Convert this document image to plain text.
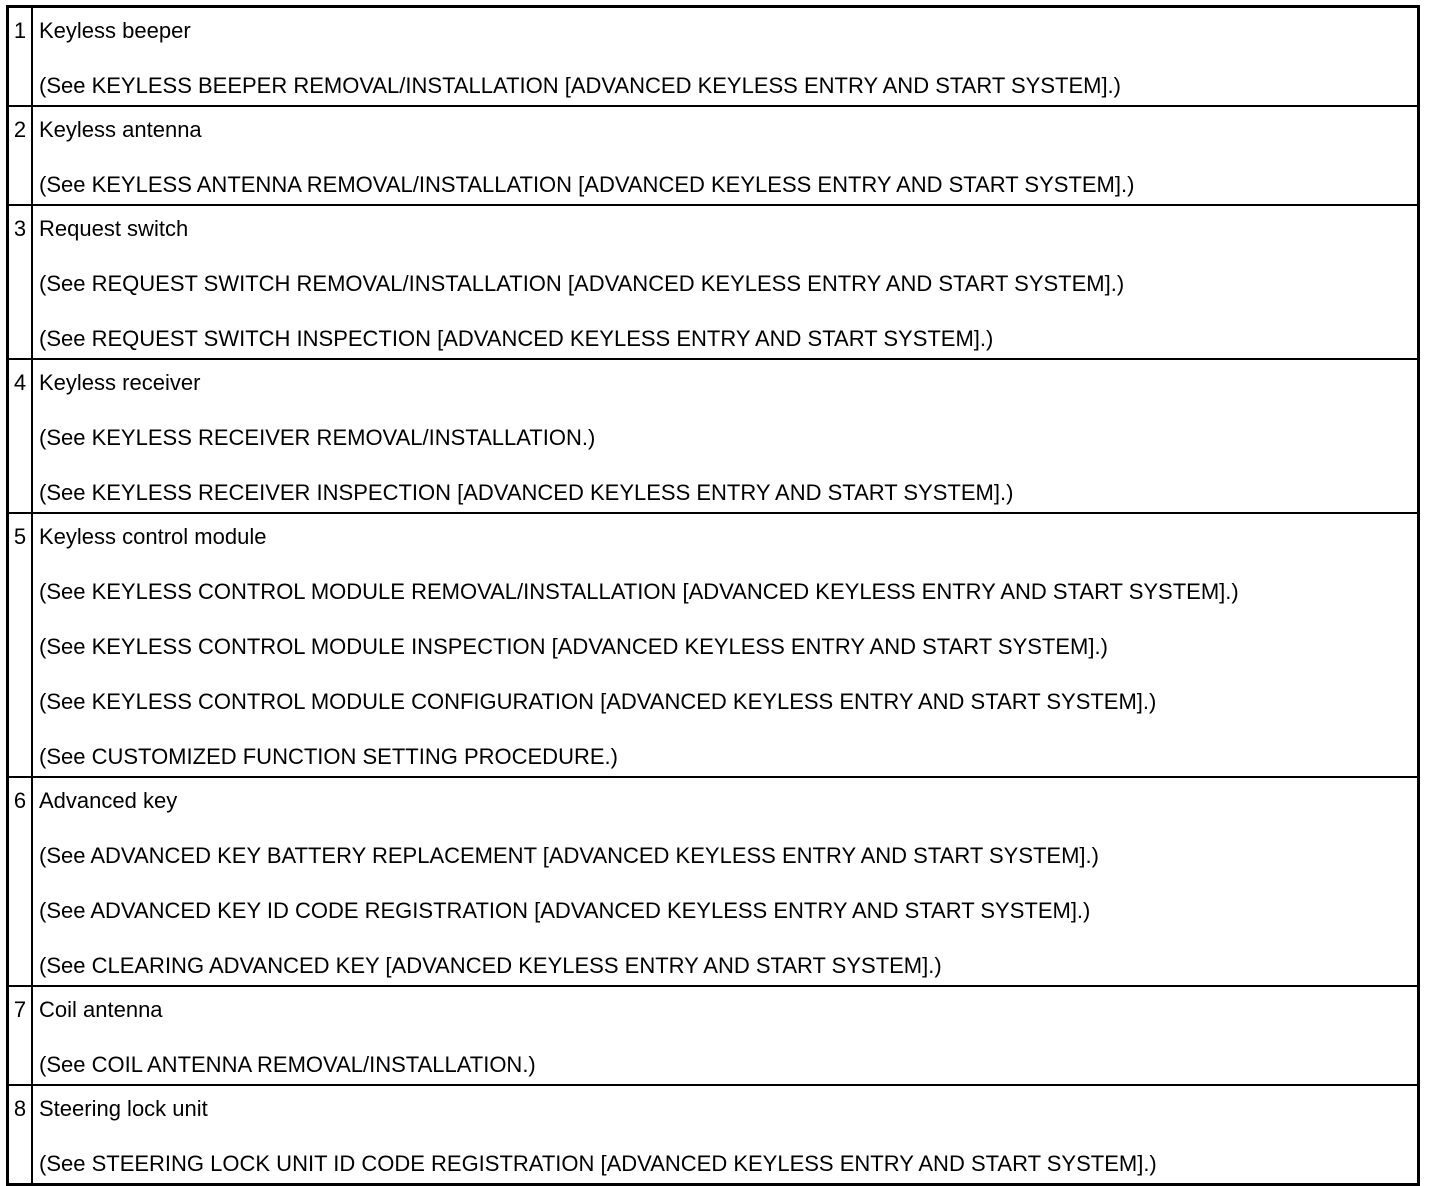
1	Keyless beeper
(See KEYLESS BEEPER REMOVAL/INSTALLATION [ADVANCED KEYLESS ENTRY AND START SYSTEM].)

2	Keyless antenna
(See KEYLESS ANTENNA REMOVAL/INSTALLATION [ADVANCED KEYLESS ENTRY AND START SYSTEM].)

3	Request switch
(See REQUEST SWITCH REMOVAL/INSTALLATION [ADVANCED KEYLESS ENTRY AND START SYSTEM].)
(See REQUEST SWITCH INSPECTION [ADVANCED KEYLESS ENTRY AND START SYSTEM].)

4	Keyless receiver
(See KEYLESS RECEIVER REMOVAL/INSTALLATION.)
(See KEYLESS RECEIVER INSPECTION [ADVANCED KEYLESS ENTRY AND START SYSTEM].)

5	Keyless control module
(See KEYLESS CONTROL MODULE REMOVAL/INSTALLATION [ADVANCED KEYLESS ENTRY AND START SYSTEM].)
(See KEYLESS CONTROL MODULE INSPECTION [ADVANCED KEYLESS ENTRY AND START SYSTEM].)
(See KEYLESS CONTROL MODULE CONFIGURATION [ADVANCED KEYLESS ENTRY AND START SYSTEM].)
(See CUSTOMIZED FUNCTION SETTING PROCEDURE.)

6	Advanced key
(See ADVANCED KEY BATTERY REPLACEMENT [ADVANCED KEYLESS ENTRY AND START SYSTEM].)
(See ADVANCED KEY ID CODE REGISTRATION [ADVANCED KEYLESS ENTRY AND START SYSTEM].)
(See CLEARING ADVANCED KEY [ADVANCED KEYLESS ENTRY AND START SYSTEM].)

7	Coil antenna
(See COIL ANTENNA REMOVAL/INSTALLATION.)

8	Steering lock unit
(See STEERING LOCK UNIT ID CODE REGISTRATION [ADVANCED KEYLESS ENTRY AND START SYSTEM].)
